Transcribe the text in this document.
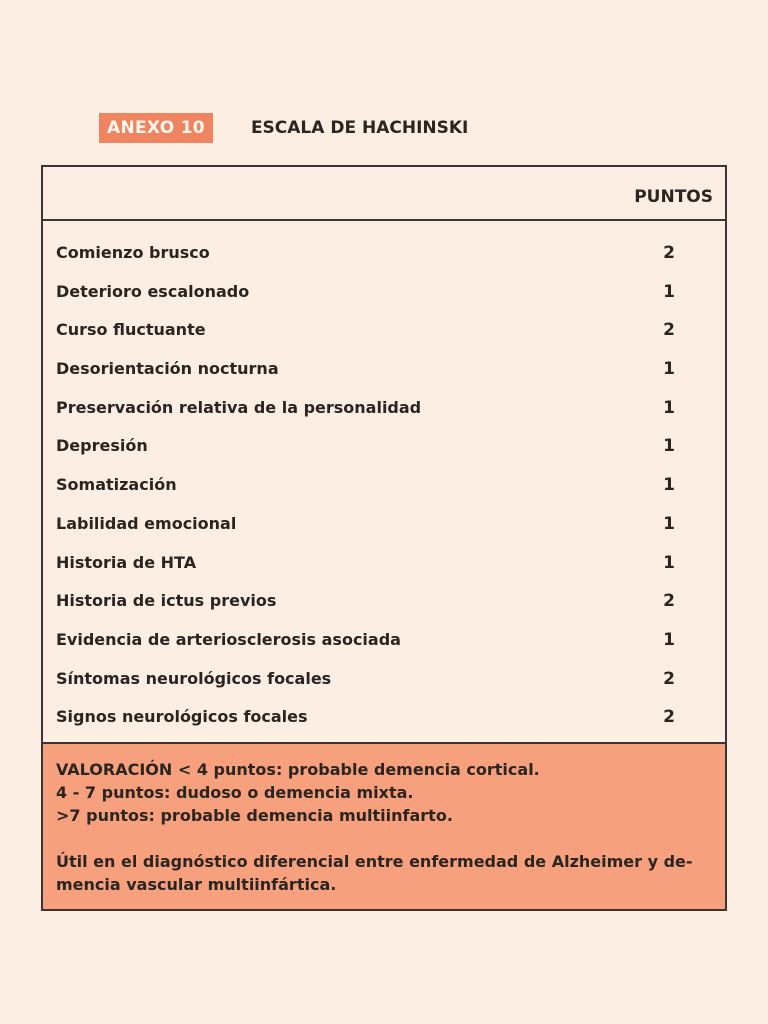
ANEXO 10	ESCALA DE HACHINSKI
PUNTOS
Comienzo brusco	2
Deterioro escalonado	1
Curso fluctuante	2
Desorientación nocturna	1
Preservación relativa de la personalidad	1
Depresión	1
Somatización	1
Labilidad emocional	1
Historia de HTA	1
Historia de ictus previos	2
Evidencia de arteriosclerosis asociada	1
Síntomas neurológicos focales	2
Signos neurológicos focales	2
VALORACIÓN < 4 puntos: probable demencia cortical.
4 - 7 puntos: dudoso o demencia mixta.
>7 puntos: probable demencia multiinfarto.
Útil en el diagnóstico diferencial entre enfermedad de Alzheimer y de-
mencia vascular multiinfártica.
